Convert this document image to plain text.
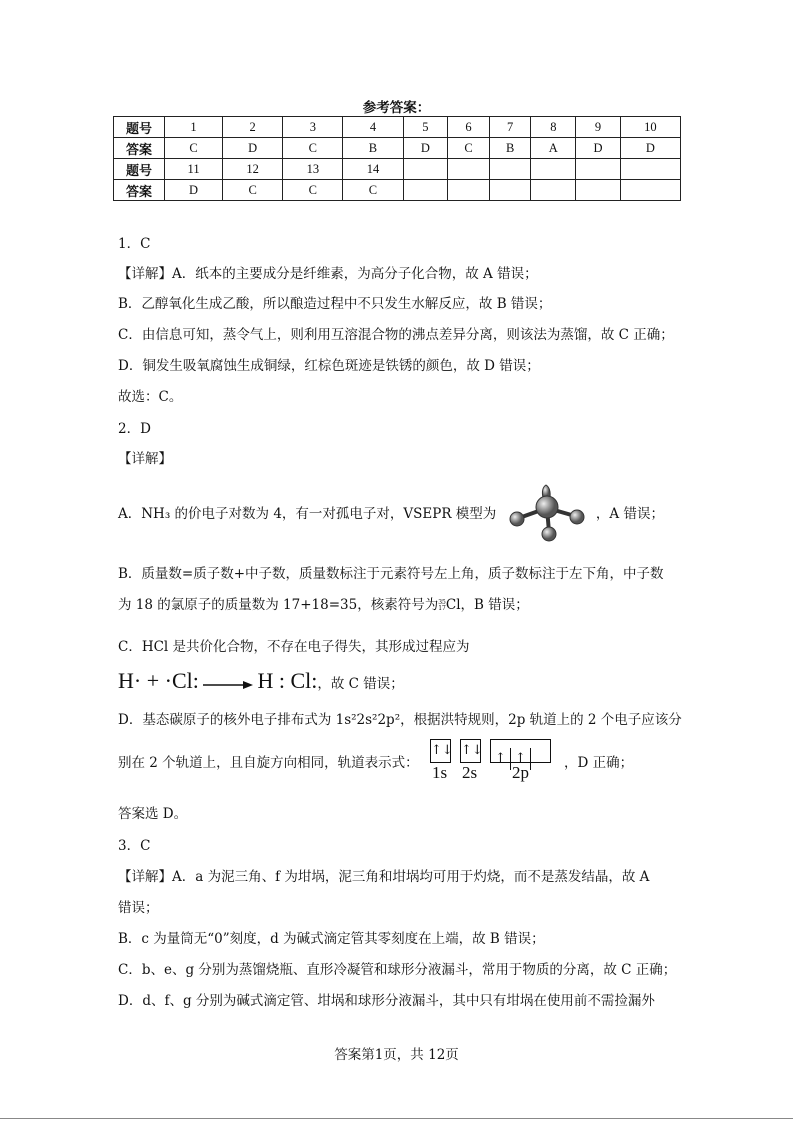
参考答案：
题号	1	2	3	4	5	6	7	8	9	10
答案	C	D	C	B	D	C	B	A	D	D
题号	11	12	13	14						
答案	D	C	C	C						
1．C
【详解】A．纸本的主要成分是纤维素，为高分子化合物，故 A 错误；
B．乙醇氧化生成乙酸，所以酿造过程中不只发生水解反应，故 B 错误；
C．由信息可知，蒸令气上，则利用互溶混合物的沸点差异分离，则该法为蒸馏，故 C 正确；
D．铜发生吸氧腐蚀生成铜绿，红棕色斑迹是铁锈的颜色，故 D 错误；
故选：C。
2．D
【详解】
A．NH₃ 的价电子对数为 4，有一对孤电子对，VSEPR 模型为	，A 错误；
B．质量数=质子数+中子数，质量数标注于元素符号左上角，质子数标注于左下角，中子数
为 18 的氯原子的质量数为 17+18=35，核素符号为 35
17 Cl，B 错误；
C．HCl 是共价化合物，不存在电子得失，其形成过程应为
H· + ·Cl:	H : Cl:，故 C 错误；
D．基态碳原子的核外电子排布式为 1s²2s²2p²，根据洪特规则，2p 轨道上的 2 个电子应该分
别在 2 个轨道上，且自旋方向相同，轨道表示式：
↑↓
1s
↑↓
2s
↑ ↑
2p	，D 正确；
答案选 D。
3．C
【详解】A．a 为泥三角、f 为坩埚，泥三角和坩埚均可用于灼烧，而不是蒸发结晶，故 A
错误；
B．c 为量筒无“0”刻度，d 为碱式滴定管其零刻度在上端，故 B 错误；
C．b、e、g 分别为蒸馏烧瓶、直形冷凝管和球形分液漏斗，常用于物质的分离，故 C 正确；
D．d、f、g 分别为碱式滴定管、坩埚和球形分液漏斗，其中只有坩埚在使用前不需捡漏外
答案第1页，共 12页
